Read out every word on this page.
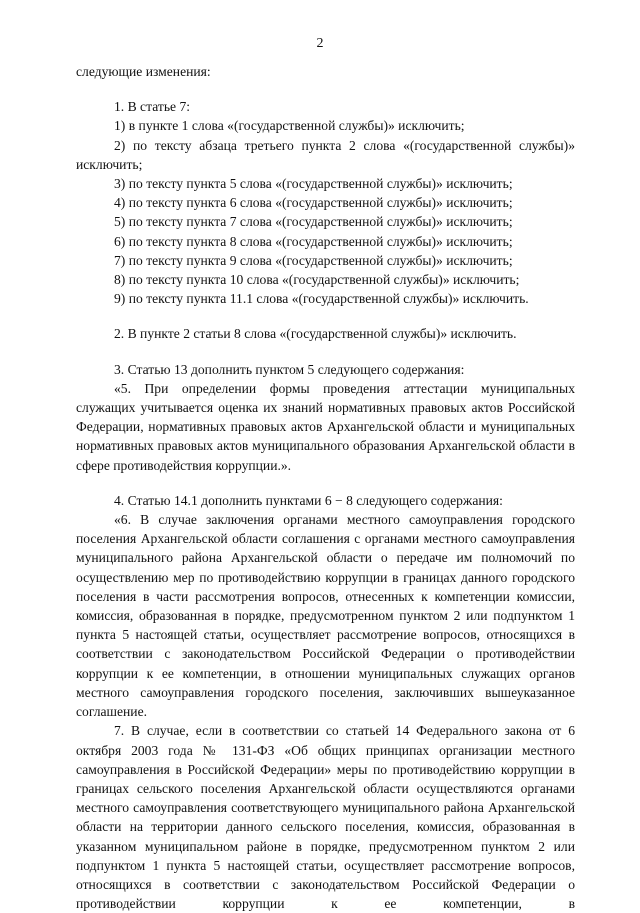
2

следующие изменения:

1. В статье 7:

1) в пункте 1 слова «(государственной службы)» исключить;

2) по тексту абзаца третьего пункта 2 слова «(государственной службы)» исключить;

3) по тексту пункта 5 слова «(государственной службы)» исключить;

4) по тексту пункта 6 слова «(государственной службы)» исключить;

5) по тексту пункта 7 слова «(государственной службы)» исключить;

6) по тексту пункта 8 слова «(государственной службы)» исключить;

7) по тексту пункта 9 слова «(государственной службы)» исключить;

8) по тексту пункта 10 слова «(государственной службы)» исключить;

9) по тексту пункта 11.1 слова «(государственной службы)» исключить.

2. В пункте 2 статьи 8 слова «(государственной службы)» исключить.

3. Статью 13 дополнить пунктом 5 следующего содержания:

«5. При определении формы проведения аттестации муниципальных служащих учитывается оценка их знаний нормативных правовых актов Российской Федерации, нормативных правовых актов Архангельской области и муниципальных нормативных правовых актов муниципального образования Архангельской области в сфере противодействия коррупции.».

4. Статью 14.1 дополнить пунктами 6 − 8 следующего содержания:

«6. В случае заключения органами местного самоуправления городского поселения Архангельской области соглашения с органами местного самоуправления муниципального района Архангельской области о передаче им полномочий по осуществлению мер по противодействию коррупции в границах данного городского поселения в части рассмотрения вопросов, отнесенных к компетенции комиссии, комиссия, образованная в порядке, предусмотренном пунктом 2 или подпунктом 1 пункта 5 настоящей статьи, осуществляет рассмотрение вопросов, относящихся в соответствии с законодательством Российской Федерации о противодействии коррупции к ее компетенции, в отношении муниципальных служащих органов местного самоуправления городского поселения, заключивших вышеуказанное соглашение.

7. В случае, если в соответствии со статьей 14 Федерального закона от 6 октября 2003 года № 131-ФЗ «Об общих принципах организации местного самоуправления в Российской Федерации» меры по противодействию коррупции в границах сельского поселения Архангельской области осуществляются органами местного самоуправления соответствующего муниципального района Архангельской области на территории данного сельского поселения, комиссия, образованная в указанном муниципальном районе в порядке, предусмотренном пунктом 2 или подпунктом 1 пункта 5 настоящей статьи, осуществляет рассмотрение вопросов, относящихся в соответствии с законодательством Российской Федерации о противодействии коррупции к ее компетенции, в
